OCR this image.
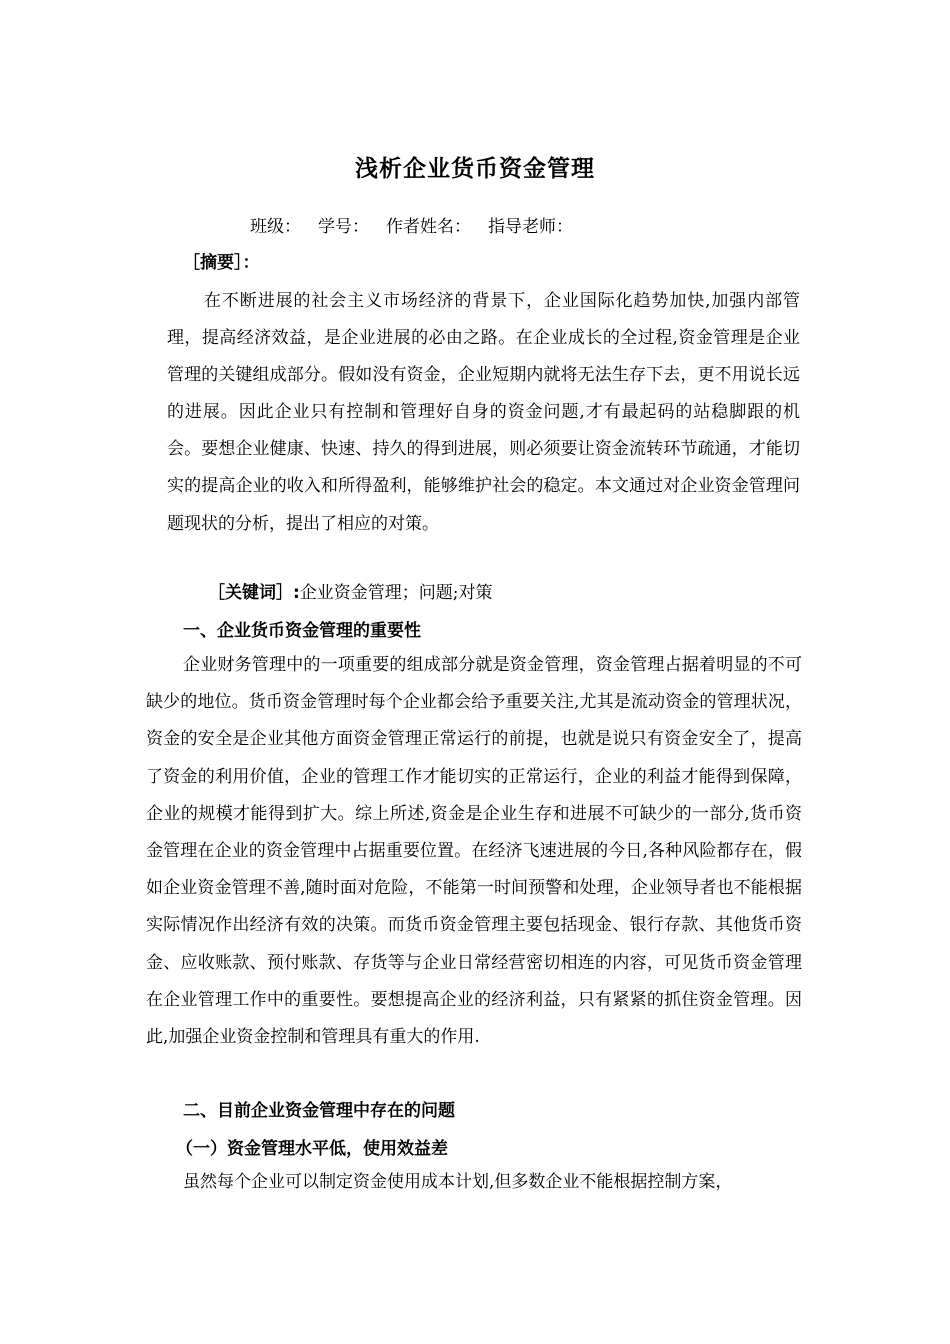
浅析企业货币资金管理
班级： 学号： 作者姓名： 指导老师：
［摘要］：

在不断进展的社会主义市场经济的背景下，企业国际化趋势加快,加强内部管理，提高经济效益，是企业进展的必由之路。在企业成长的全过程,资金管理是企业管理的关键组成部分。假如没有资金，企业短期内就将无法生存下去，更不用说长远的进展。因此企业只有控制和管理好自身的资金问题,才有最起码的站稳脚跟的机会。要想企业健康、快速、持久的得到进展，则必须要让资金流转环节疏通，才能切实的提高企业的收入和所得盈利，能够维护社会的稳定。本文通过对企业资金管理问题现状的分析，提出了相应的对策。

［关键词］:企业资金管理；问题;对策
一、企业货币资金管理的重要性

企业财务管理中的一项重要的组成部分就是资金管理，资金管理占据着明显的不可缺少的地位。货币资金管理时每个企业都会给予重要关注,尤其是流动资金的管理状况，资金的安全是企业其他方面资金管理正常运行的前提，也就是说只有资金安全了，提高了资金的利用价值，企业的管理工作才能切实的正常运行，企业的利益才能得到保障，企业的规模才能得到扩大。综上所述,资金是企业生存和进展不可缺少的一部分,货币资金管理在企业的资金管理中占据重要位置。在经济飞速进展的今日,各种风险都存在，假如企业资金管理不善,随时面对危险，不能第一时间预警和处理，企业领导者也不能根据实际情况作出经济有效的决策。而货币资金管理主要包括现金、银行存款、其他货币资金、应收账款、预付账款、存货等与企业日常经营密切相连的内容，可见货币资金管理在企业管理工作中的重要性。要想提高企业的经济利益，只有紧紧的抓住资金管理。因此,加强企业资金控制和管理具有重大的作用.

二、目前企业资金管理中存在的问题
（一）资金管理水平低，使用效益差

虽然每个企业可以制定资金使用成本计划,但多数企业不能根据控制方案，
